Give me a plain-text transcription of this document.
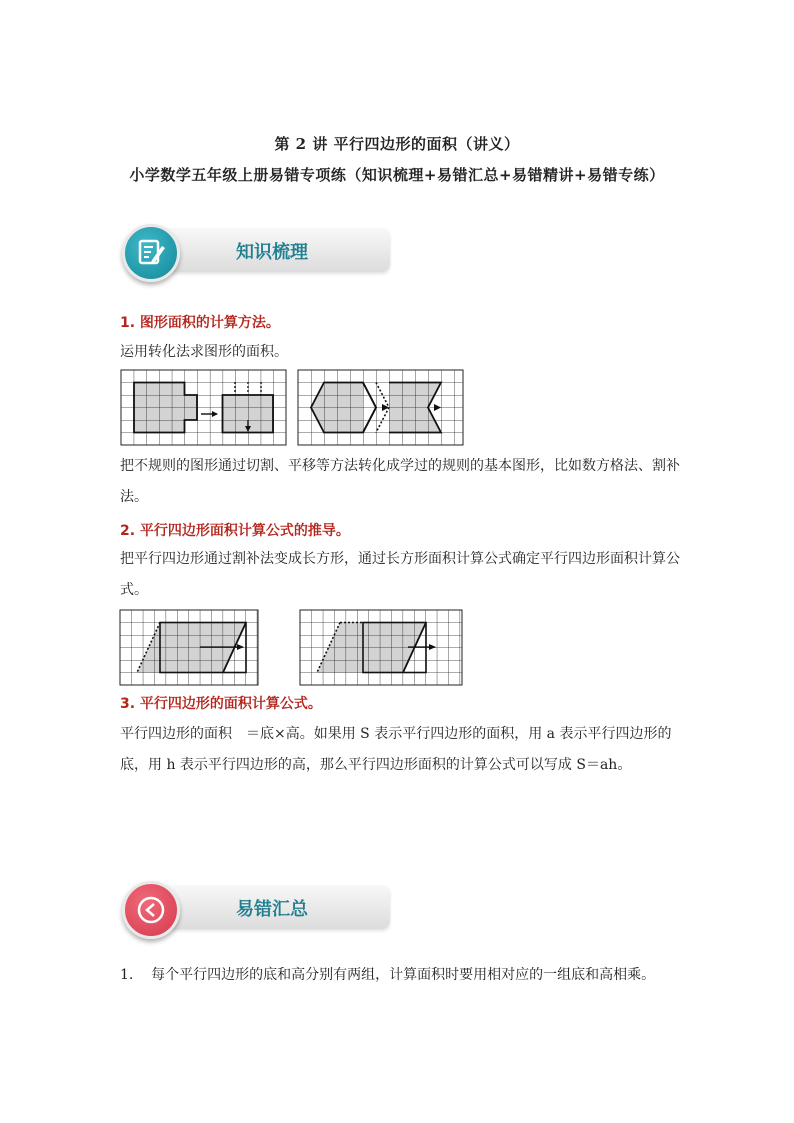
第 2 讲 平行四边形的面积（讲义）
小学数学五年级上册易错专项练（知识梳理+易错汇总+易错精讲+易错专练）
知识梳理
1. 图形面积的计算方法。
运用转化法求图形的面积。
把不规则的图形通过切割、平移等方法转化成学过的规则的基本图形，比如数方格法、割补法。
2. 平行四边形面积计算公式的推导。
把平行四边形通过割补法变成长方形，通过长方形面积计算公式确定平行四边形面积计算公式。
3. 平行四边形的面积计算公式。
平行四边形的面积　＝底×高。如果用 S 表示平行四边形的面积，用 a 表示平行四边形的底，用 h 表示平行四边形的高，那么平行四边形面积的计算公式可以写成 S＝ah。
易错汇总
1. 每个平行四边形的底和高分别有两组，计算面积时要用相对应的一组底和高相乘。
